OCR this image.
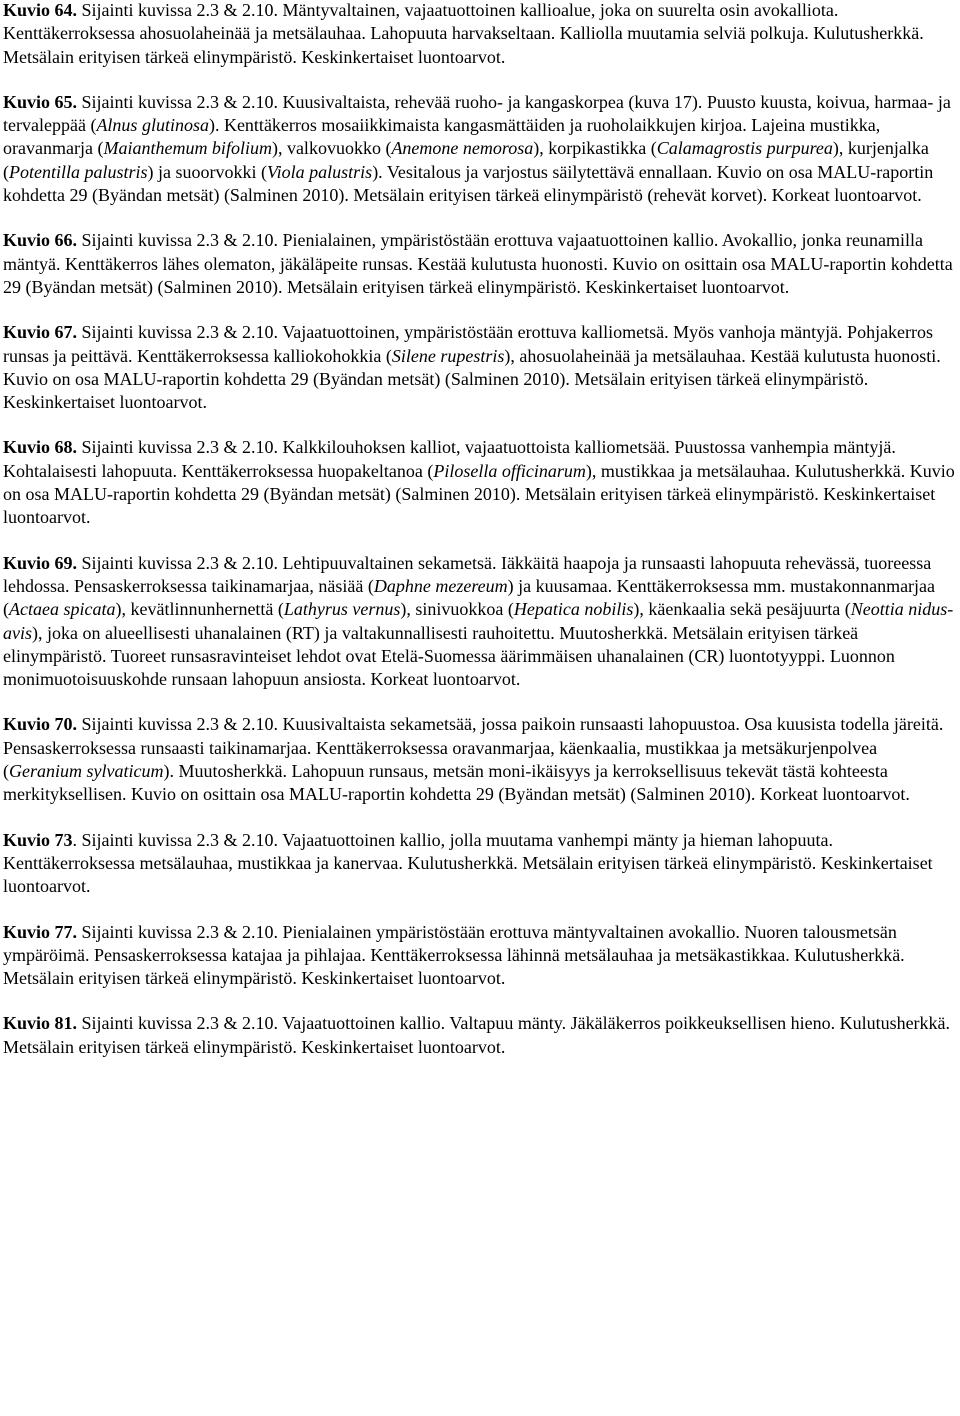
Kuvio 64. Sijainti kuvissa 2.3 & 2.10. Mäntyvaltainen, vajaatuottoinen kallioalue, joka on suurelta osin avokalliota. Kenttäkerroksessa ahosuolaheinää ja metsälauhaa. Lahopuuta harvakseltaan. Kalliolla muutamia selviä polkuja. Kulutusherkkä. Metsälain erityisen tärkeä elinympäristö. Keskinkertaiset luontoarvot.

Kuvio 65. Sijainti kuvissa 2.3 & 2.10. Kuusivaltaista, rehevää ruoho- ja kangaskorpea (kuva 17). Puusto kuusta, koivua, harmaa- ja tervaleppää (Alnus glutinosa). Kenttäkerros mosaiikkimaista kangasmättäiden ja ruoholaikkujen kirjoa. Lajeina mustikka, oravanmarja (Maianthemum bifolium), valkovuokko (Anemone nemorosa), korpikastikka (Calamagrostis purpurea), kurjenjalka (Potentilla palustris) ja suoorvokki (Viola palustris). Vesitalous ja varjostus säilytettävä ennallaan. Kuvio on osa MALU-raportin kohdetta 29 (Byändan metsät) (Salminen 2010). Metsälain erityisen tärkeä elinympäristö (rehevät korvet). Korkeat luontoarvot.

Kuvio 66. Sijainti kuvissa 2.3 & 2.10. Pienialainen, ympäristöstään erottuva vajaatuottoinen kallio. Avokallio, jonka reunamilla mäntyä. Kenttäkerros lähes olematon, jäkäläpeite runsas. Kestää kulutusta huonosti. Kuvio on osittain osa MALU-raportin kohdetta 29 (Byändan metsät) (Salminen 2010). Metsälain erityisen tärkeä elinympäristö. Keskinkertaiset luontoarvot.

Kuvio 67. Sijainti kuvissa 2.3 & 2.10. Vajaatuottoinen, ympäristöstään erottuva kalliometsä. Myös vanhoja mäntyjä. Pohjakerros runsas ja peittävä. Kenttäkerroksessa kalliokohokkia (Silene rupestris), ahosuolaheinää ja metsälauhaa. Kestää kulutusta huonosti. Kuvio on osa MALU-raportin kohdetta 29 (Byändan metsät) (Salminen 2010). Metsälain erityisen tärkeä elinympäristö. Keskinkertaiset luontoarvot.

Kuvio 68. Sijainti kuvissa 2.3 & 2.10. Kalkkilouhoksen kalliot, vajaatuottoista kalliometsää. Puustossa vanhempia mäntyjä. Kohtalaisesti lahopuuta. Kenttäkerroksessa huopakeltanoa (Pilosella officinarum), mustikkaa ja metsälauhaa. Kulutusherkkä. Kuvio on osa MALU-raportin kohdetta 29 (Byändan metsät) (Salminen 2010). Metsälain erityisen tärkeä elinympäristö. Keskinkertaiset luontoarvot.

Kuvio 69. Sijainti kuvissa 2.3 & 2.10. Lehtipuuvaltainen sekametsä. Iäkkäitä haapoja ja runsaasti lahopuuta rehevässä, tuoreessa lehdossa. Pensaskerroksessa taikinamarjaa, näsiää (Daphne mezereum) ja kuusamaa. Kenttäkerroksessa mm. mustakonnanmarjaa (Actaea spicata), kevätlinnunhernettä (Lathyrus vernus), sinivuokkoa (Hepatica nobilis), käenkaalia sekä pesäjuurta (Neottia nidus-avis), joka on alueellisesti uhanalainen (RT) ja valtakunnallisesti rauhoitettu. Muutosherkkä. Metsälain erityisen tärkeä elinympäristö. Tuoreet runsasravinteiset lehdot ovat Etelä-Suomessa äärimmäisen uhanalainen (CR) luontotyyppi. Luonnon monimuotoisuuskohde runsaan lahopuun ansiosta. Korkeat luontoarvot.

Kuvio 70. Sijainti kuvissa 2.3 & 2.10. Kuusivaltaista sekametsää, jossa paikoin runsaasti lahopuustoa. Osa kuusista todella järeitä. Pensaskerroksessa runsaasti taikinamarjaa. Kenttäkerroksessa oravanmarjaa, käenkaalia, mustikkaa ja metsäkurjenpolvea (Geranium sylvaticum). Muutosherkkä. Lahopuun runsaus, metsän moni-ikäisyys ja kerroksellisuus tekevät tästä kohteesta merkityksellisen. Kuvio on osittain osa MALU-raportin kohdetta 29 (Byändan metsät) (Salminen 2010). Korkeat luontoarvot.

Kuvio 73. Sijainti kuvissa 2.3 & 2.10. Vajaatuottoinen kallio, jolla muutama vanhempi mänty ja hieman lahopuuta. Kenttäkerroksessa metsälauhaa, mustikkaa ja kanervaa. Kulutusherkkä. Metsälain erityisen tärkeä elinympäristö. Keskinkertaiset luontoarvot.

Kuvio 77. Sijainti kuvissa 2.3 & 2.10. Pienialainen ympäristöstään erottuva mäntyvaltainen avokallio. Nuoren talousmetsän ympäröimä. Pensaskerroksessa katajaa ja pihlajaa. Kenttäkerroksessa lähinnä metsälauhaa ja metsäkastikkaa. Kulutusherkkä. Metsälain erityisen tärkeä elinympäristö. Keskinkertaiset luontoarvot.

Kuvio 81. Sijainti kuvissa 2.3 & 2.10. Vajaatuottoinen kallio. Valtapuu mänty. Jäkäläkerros poikkeuksellisen hieno. Kulutusherkkä. Metsälain erityisen tärkeä elinympäristö. Keskinkertaiset luontoarvot.
